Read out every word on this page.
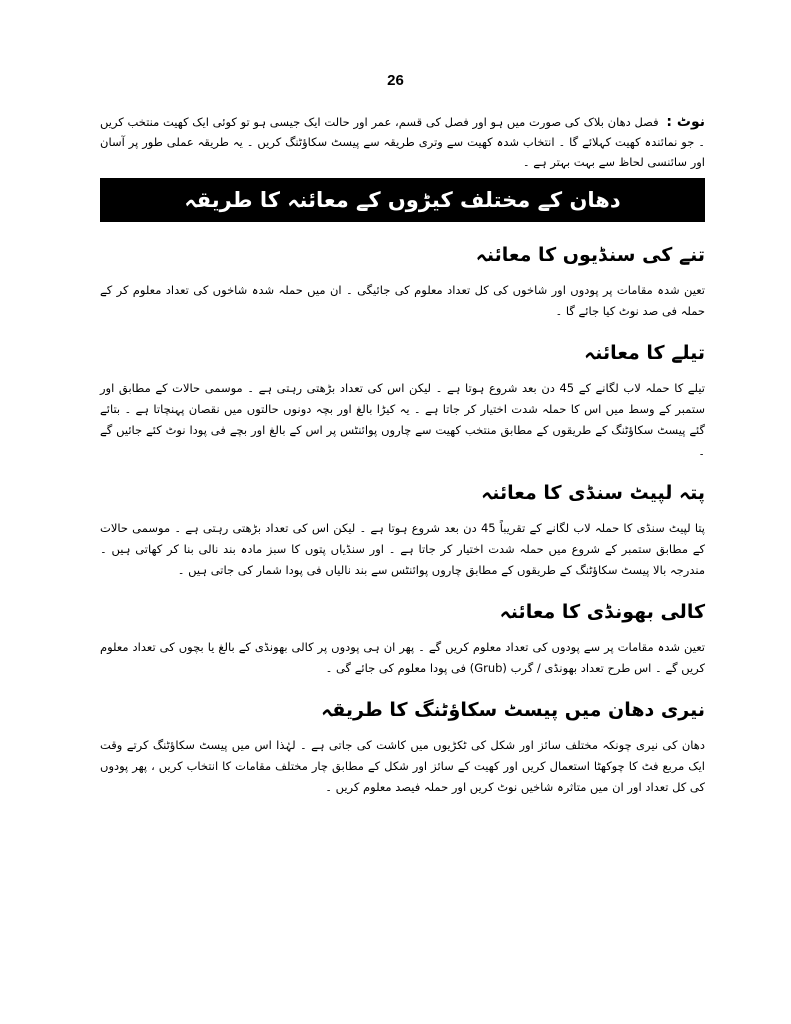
26

نوٹ : فصل دھان بلاک کی صورت میں ہو اور فصل کی قسم، عمر اور حالت ایک جیسی ہو تو کوئی ایک کھیت منتخب کریں ۔ جو نمائندہ کھیت کہلائے گا ۔ انتخاب شدہ کھیت سے وتری طریقہ سے پیسٹ سکاؤٹنگ کریں ۔ یہ طریقہ عملی طور پر آسان اور سائنسی لحاظ سے بہت بہتر ہے ۔

دھان کے مختلف کیڑوں کے معائنہ کا طریقہ
تنے کی سنڈیوں کا معائنہ

تعین شدہ مقامات پر پودوں اور شاخوں کی کل تعداد معلوم کی جائیگی ۔ ان میں حملہ شدہ شاخوں کی تعداد معلوم کر کے حملہ فی صد نوٹ کیا جائے گا ۔

تیلے کا معائنہ

تیلے کا حملہ لاب لگانے کے 45 دن بعد شروع ہوتا ہے ۔ لیکن اس کی تعداد بڑھتی رہتی ہے ۔ موسمی حالات کے مطابق اور ستمبر کے وسط میں اس کا حملہ شدت اختیار کر جاتا ہے ۔ یہ کیڑا بالغ اور بچہ دونوں حالتوں میں نقصان پہنچاتا ہے ۔ بتائے گئے پیسٹ سکاؤٹنگ کے طریقوں کے مطابق منتخب کھیت سے چاروں پوائنٹس پر اس کے بالغ اور بچے فی پودا نوٹ کئے جائیں گے ۔

پتہ لپیٹ سنڈی کا معائنہ

پتا لپیٹ سنڈی کا حملہ لاب لگانے کے تقریباً 45 دن بعد شروع ہوتا ہے ۔ لیکن اس کی تعداد بڑھتی رہتی ہے ۔ موسمی حالات کے مطابق ستمبر کے شروع میں حملہ شدت اختیار کر جاتا ہے ۔ اور سنڈیاں پتوں کا سبز مادہ بند نالی بنا کر کھاتی ہیں ۔ مندرجہ بالا پیسٹ سکاؤٹنگ کے طریقوں کے مطابق چاروں پوائنٹس سے بند نالیاں فی پودا شمار کی جاتی ہیں ۔

کالی بھونڈی کا معائنہ

تعین شدہ مقامات پر سے پودوں کی تعداد معلوم کریں گے ۔ پھر ان ہی پودوں پر کالی بھونڈی کے بالغ یا بچوں کی تعداد معلوم کریں گے ۔ اس طرح تعداد بھونڈی / گرب (Grub) فی پودا معلوم کی جائے گی ۔

نیری دھان میں پیسٹ سکاؤٹنگ کا طریقہ

دھان کی نیری چونکہ مختلف سائز اور شکل کی ٹکڑیوں میں کاشت کی جاتی ہے ۔ لہٰذا اس میں پیسٹ سکاؤٹنگ کرتے وقت ایک مربع فٹ کا چوکھٹا استعمال کریں اور کھیت کے سائز اور شکل کے مطابق چار مختلف مقامات کا انتخاب کریں ، پھر پودوں کی کل تعداد اور ان میں متاثرہ شاخیں نوٹ کریں اور حملہ فیصد معلوم کریں ۔
